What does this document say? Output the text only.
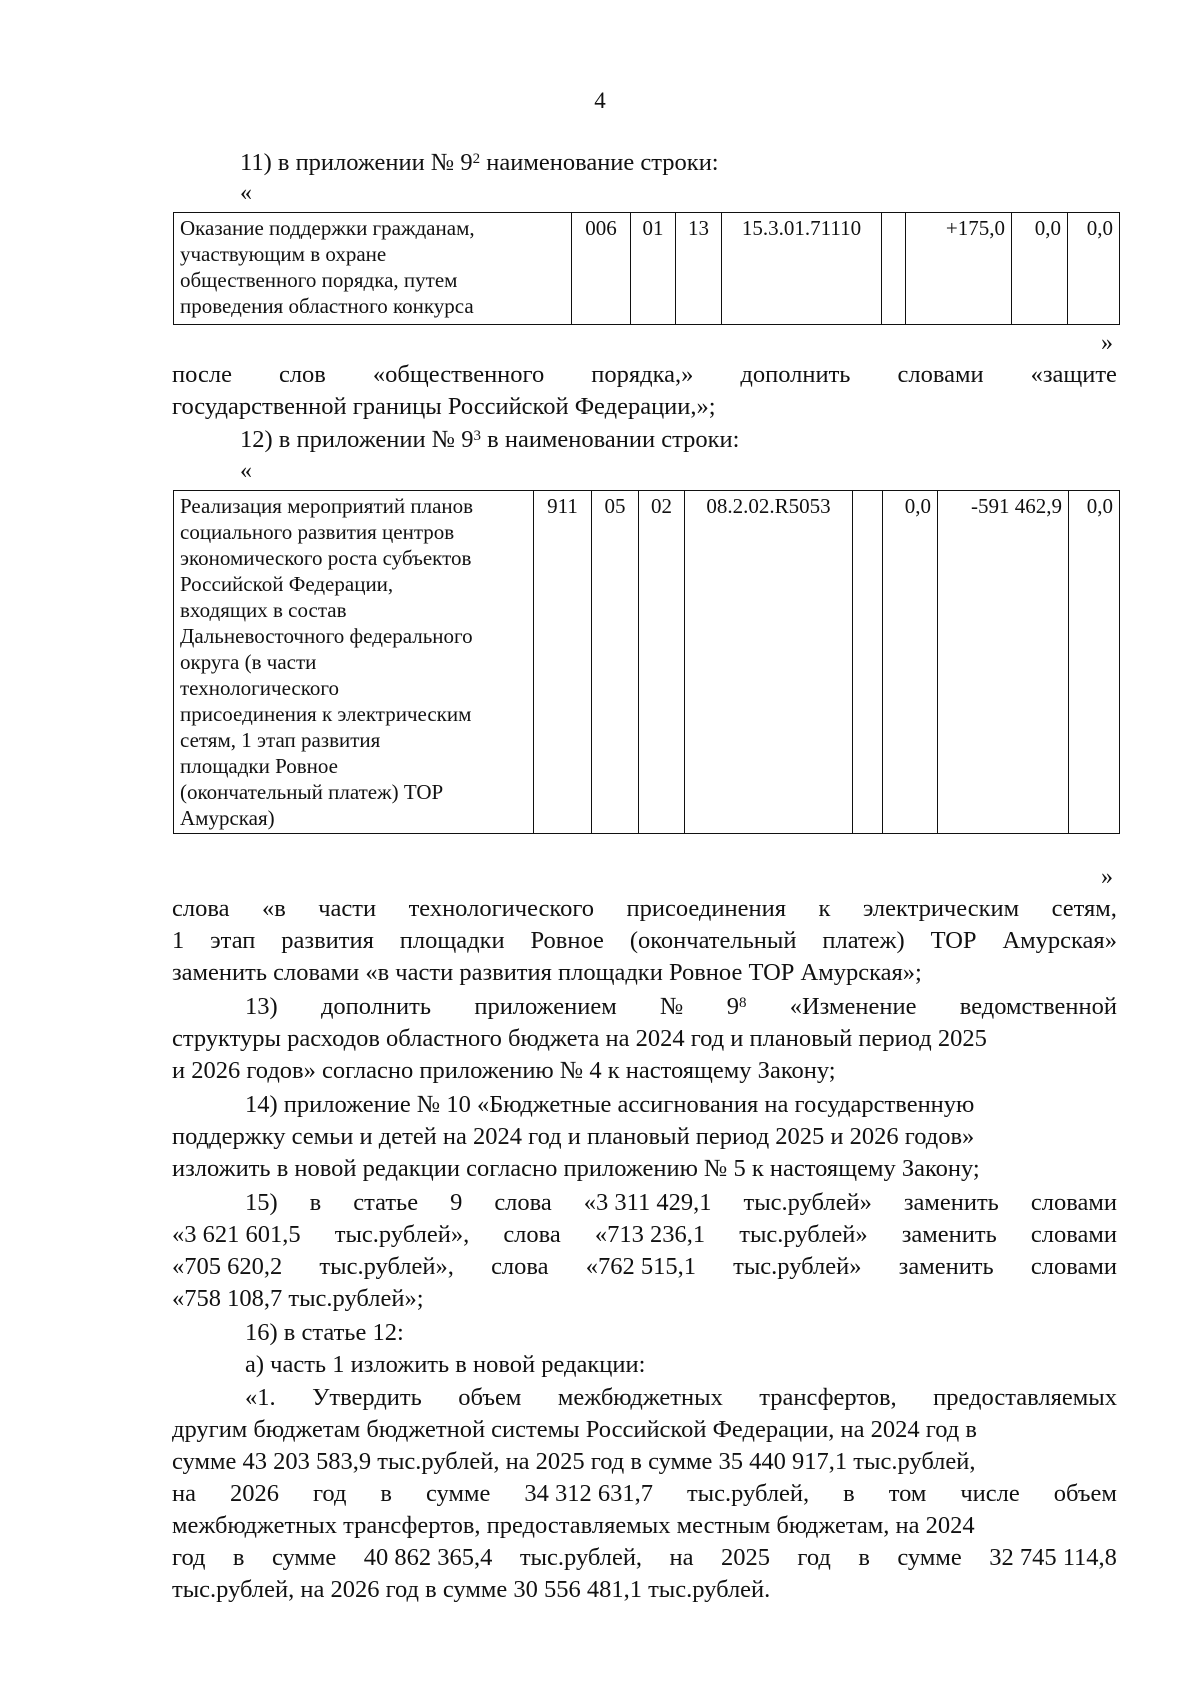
4
11) в приложении № $9^2$ наименование строки:
«
Оказание поддержки гражданам,
участвующим в охране
общественного порядка, путем
проведения областного конкурса
	006	01	13	15.3.01.71110		+175,0	0,0	0,0
»
после слов «общественного порядка,» дополнить словами «защите
государственной границы Российской Федерации,»;
12) в приложении № $9^3$ в наименовании строки:
«
Реализация мероприятий планов
социального развития центров
экономического роста субъектов
Российской Федерации,
входящих в состав
Дальневосточного федерального
округа (в части
технологического
присоединения к электрическим
сетям, 1 этап развития
площадки Ровное
(окончательный платеж) ТОР
Амурская)
	911	05	02	08.2.02.R5053		0,0	-591 462,9	0,0
»
слова «в части технологического присоединения к электрическим сетям,
1 этап развития площадки Ровное (окончательный платеж) ТОР Амурская»
заменить словами «в части развития площадки Ровное ТОР Амурская»;
13) дополнить приложением № $9^8$ «Изменение ведомственной
структуры расходов областного бюджета на 2024 год и плановый период 2025
и 2026 годов» согласно приложению № 4 к настоящему Закону;
14) приложение № 10 «Бюджетные ассигнования на государственную
поддержку семьи и детей на 2024 год и плановый период 2025 и 2026 годов»
изложить в новой редакции согласно приложению № 5 к настоящему Закону;
15) в статье 9 слова «3 311 429,1 тыс.рублей» заменить словами
«3 621 601,5 тыс.рублей», слова «713 236,1 тыс.рублей» заменить словами
«705 620,2 тыс.рублей», слова «762 515,1 тыс.рублей» заменить словами
«758 108,7 тыс.рублей»;
16) в статье 12:
а) часть 1 изложить в новой редакции:
«1. Утвердить объем межбюджетных трансфертов, предоставляемых
другим бюджетам бюджетной системы Российской Федерации, на 2024 год в
сумме 43 203 583,9 тыс.рублей, на 2025 год в сумме 35 440 917,1 тыс.рублей,
на 2026 год в сумме 34 312 631,7 тыс.рублей, в том числе объем
межбюджетных трансфертов, предоставляемых местным бюджетам, на 2024
год в сумме 40 862 365,4 тыс.рублей, на 2025 год в сумме 32 745 114,8
тыс.рублей, на 2026 год в сумме 30 556 481,1 тыс.рублей.
